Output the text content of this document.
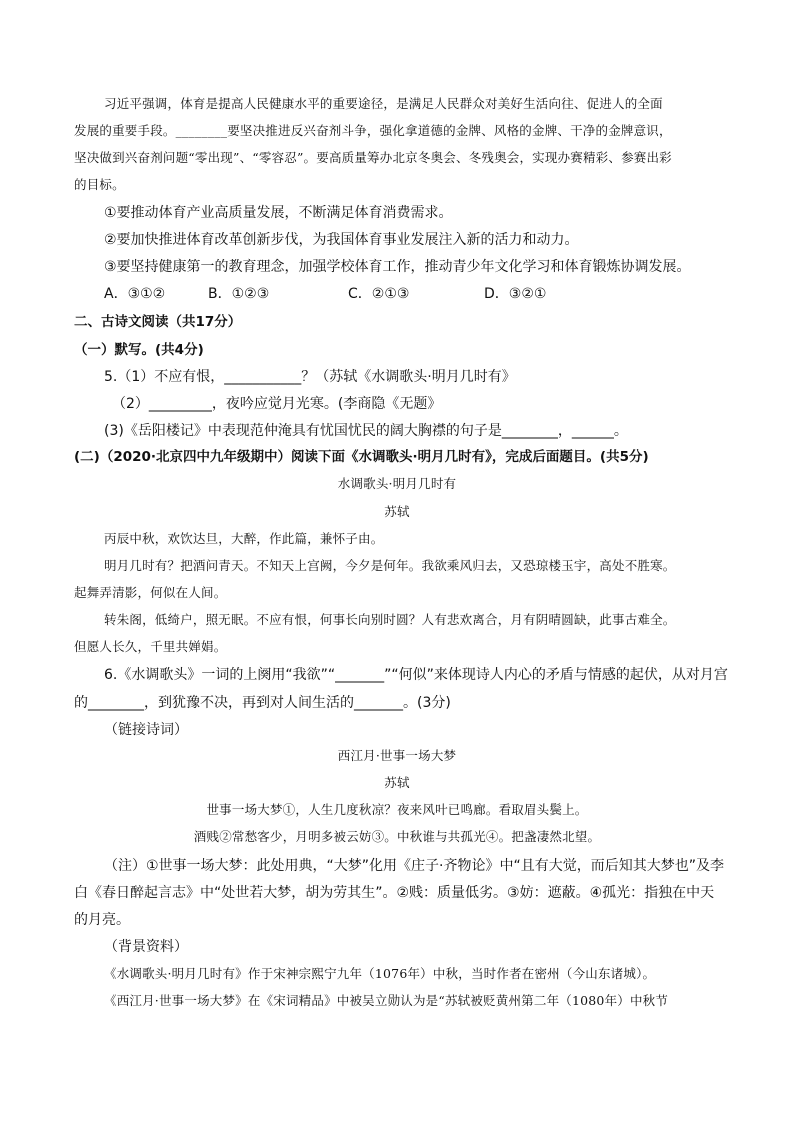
习近平强调，体育是提高人民健康水平的重要途径，是满足人民群众对美好生活向往、促进人的全面
发展的重要手段。________要坚决推进反兴奋剂斗争，强化拿道德的金牌、风格的金牌、干净的金牌意识，
坚决做到兴奋剂问题“零出现”、“零容忍”。要高质量筹办北京冬奥会、冬残奥会，实现办赛精彩、参赛出彩
的目标。
①要推动体育产业高质量发展，不断满足体育消费需求。
②要加快推进体育改革创新步伐，为我国体育事业发展注入新的活力和动力。
③要坚持健康第一的教育理念，加强学校体育工作，推动青少年文化学习和体育锻炼协调发展。
A．③①②	B．①②③	C．②①③	D．③②①
二、古诗文阅读（共17分）
（一）默写。(共4分)
5.（1）不应有恨，___________？（苏轼《水调歌头·明月几时有》
（2）_________，夜吟应觉月光寒。(李商隐《无题》
(3)《岳阳楼记》中表现范仲淹具有忧国忧民的阔大胸襟的句子是________，______。
(二)（2020·北京四中九年级期中）阅读下面《水调歌头·明月几时有》，完成后面题目。(共5分)
水调歌头·明月几时有
苏轼
丙辰中秋，欢饮达旦，大醉，作此篇，兼怀子由。
明月几时有？把酒问青天。不知天上宫阙，今夕是何年。我欲乘风归去，又恐琼楼玉宇，高处不胜寒。
起舞弄清影，何似在人间。
转朱阁，低绮户，照无眠。不应有恨，何事长向别时圆？人有悲欢离合，月有阴晴圆缺，此事古难全。
但愿人长久，千里共婵娟。
6.《水调歌头》一词的上阕用“我欲”“_______”“何似”来体现诗人内心的矛盾与情感的起伏，从对月宫
的________，到犹豫不决，再到对人间生活的_______。(3分)
（链接诗词）
西江月·世事一场大梦
苏轼
世事一场大梦①，人生几度秋凉？夜来风叶已鸣廊。看取眉头鬓上。
酒贱②常愁客少，月明多被云妨③。中秋谁与共孤光④。把盏凄然北望。
（注）①世事一场大梦：此处用典，“大梦”化用《庄子·齐物论》中“且有大觉，而后知其大梦也”及李
白《春日醉起言志》中“处世若大梦，胡为劳其生”。②贱：质量低劣。③妨：遮蔽。④孤光：指独在中天
的月亮。
（背景资料）
《水调歌头·明月几时有》作于宋神宗熙宁九年（1076年）中秋，当时作者在密州（今山东诸城）。
《西江月·世事一场大梦》在《宋词精品》中被吴立勋认为是“苏轼被贬黄州第二年（1080年）中秋节
